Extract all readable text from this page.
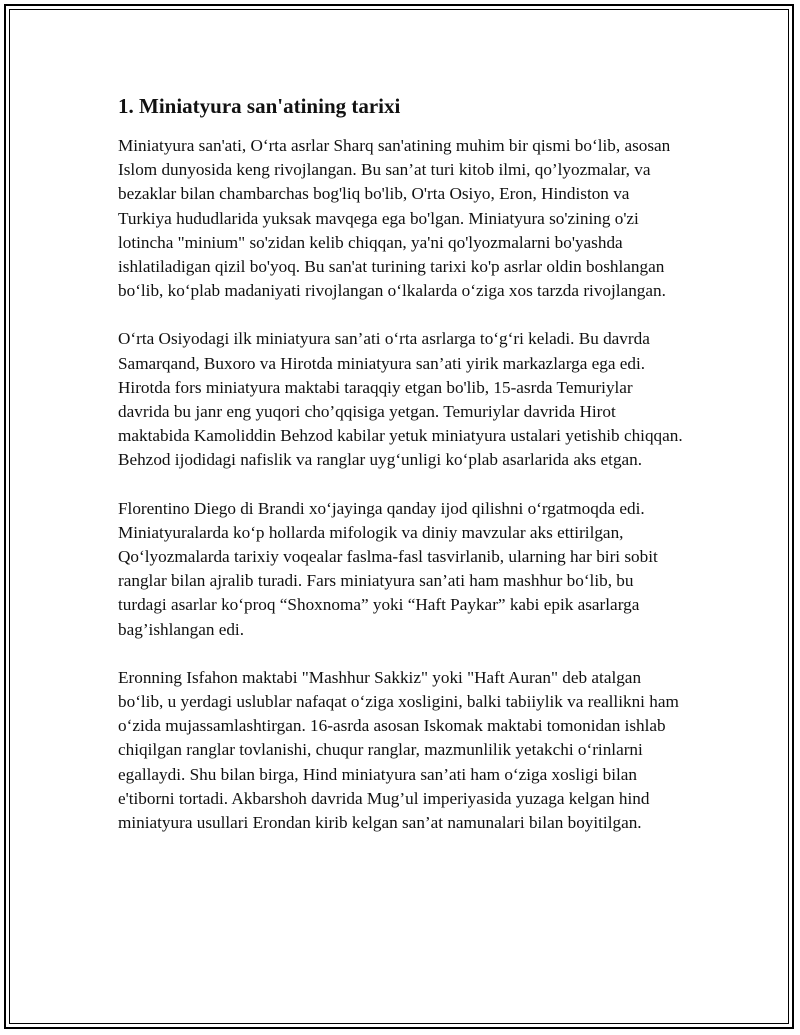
1. Miniatyura san'atining tarixi

Miniatyura san'ati, O‘rta asrlar Sharq san'atining muhim bir qismi bo‘lib, asosan Islom dunyosida keng rivojlangan. Bu san’at turi kitob ilmi, qo’lyozmalar, va bezaklar bilan chambarchas bog'liq bo'lib, O'rta Osiyo, Eron, Hindiston va Turkiya hududlarida yuksak mavqega ega bo'lgan. Miniatyura so'zining o'zi lotincha "minium" so'zidan kelib chiqqan, ya'ni qo'lyozmalarni bo'yashda ishlatiladigan qizil bo'yoq. Bu san'at turining tarixi ko'p asrlar oldin boshlangan bo‘lib, ko‘plab madaniyati rivojlangan o‘lkalarda o‘ziga xos tarzda rivojlangan.

O‘rta Osiyodagi ilk miniatyura san’ati o‘rta asrlarga to‘g‘ri keladi. Bu davrda Samarqand, Buxoro va Hirotda miniatyura san’ati yirik markazlarga ega edi. Hirotda fors miniatyura maktabi taraqqiy etgan bo'lib, 15-asrda Temuriylar davrida bu janr eng yuqori cho’qqisiga yetgan. Temuriylar davrida Hirot maktabida Kamoliddin Behzod kabilar yetuk miniatyura ustalari yetishib chiqqan. Behzod ijodidagi nafislik va ranglar uyg‘unligi ko‘plab asarlarida aks etgan.

Florentino Diego di Brandi xo‘jayinga qanday ijod qilishni o‘rgatmoqda edi. Miniatyuralarda ko‘p hollarda mifologik va diniy mavzular aks ettirilgan, Qo‘lyozmalarda tarixiy voqealar faslma-fasl tasvirlanib, ularning har biri sobit ranglar bilan ajralib turadi. Fars miniatyura san’ati ham mashhur bo‘lib, bu turdagi asarlar ko‘proq “Shoxnoma” yoki “Haft Paykar” kabi epik asarlarga bag’ishlangan edi.

Eronning Isfahon maktabi "Mashhur Sakkiz" yoki "Haft Auran" deb atalgan bo‘lib, u yerdagi uslublar nafaqat o‘ziga xosligini, balki tabiiylik va reallikni ham o‘zida mujassamlashtirgan. 16-asrda asosan Iskomak maktabi tomonidan ishlab chiqilgan ranglar tovlanishi, chuqur ranglar, mazmunlilik yetakchi o‘rinlarni egallaydi. Shu bilan birga, Hind miniatyura san’ati ham o‘ziga xosligi bilan e'tiborni tortadi. Akbarshoh davrida Mug’ul imperiyasida yuzaga kelgan hind miniatyura usullari Erondan kirib kelgan san’at namunalari bilan boyitilgan.
